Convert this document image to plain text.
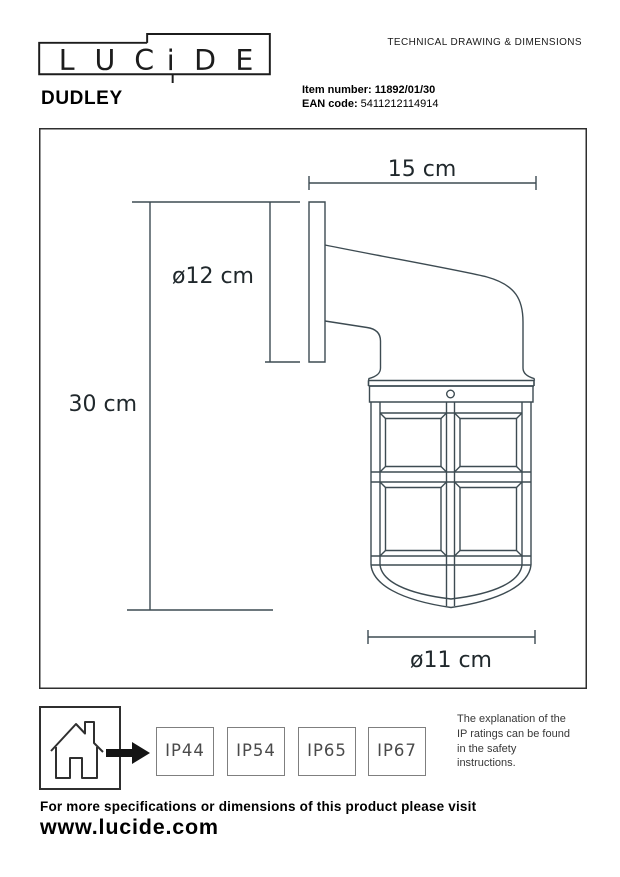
L U C i D E
TECHNICAL DRAWING & DIMENSIONS
DUDLEY	Item number: 11892/01/30
EAN code: 5411212114914
15 cm
ø12 cm
30 cm
ø11 cm
IP44	IP54	IP65	IP67
The explanation of the
IP ratings can be found
in the safety
instructions.
For more specifications or dimensions of this product please visit
www.lucide.com
